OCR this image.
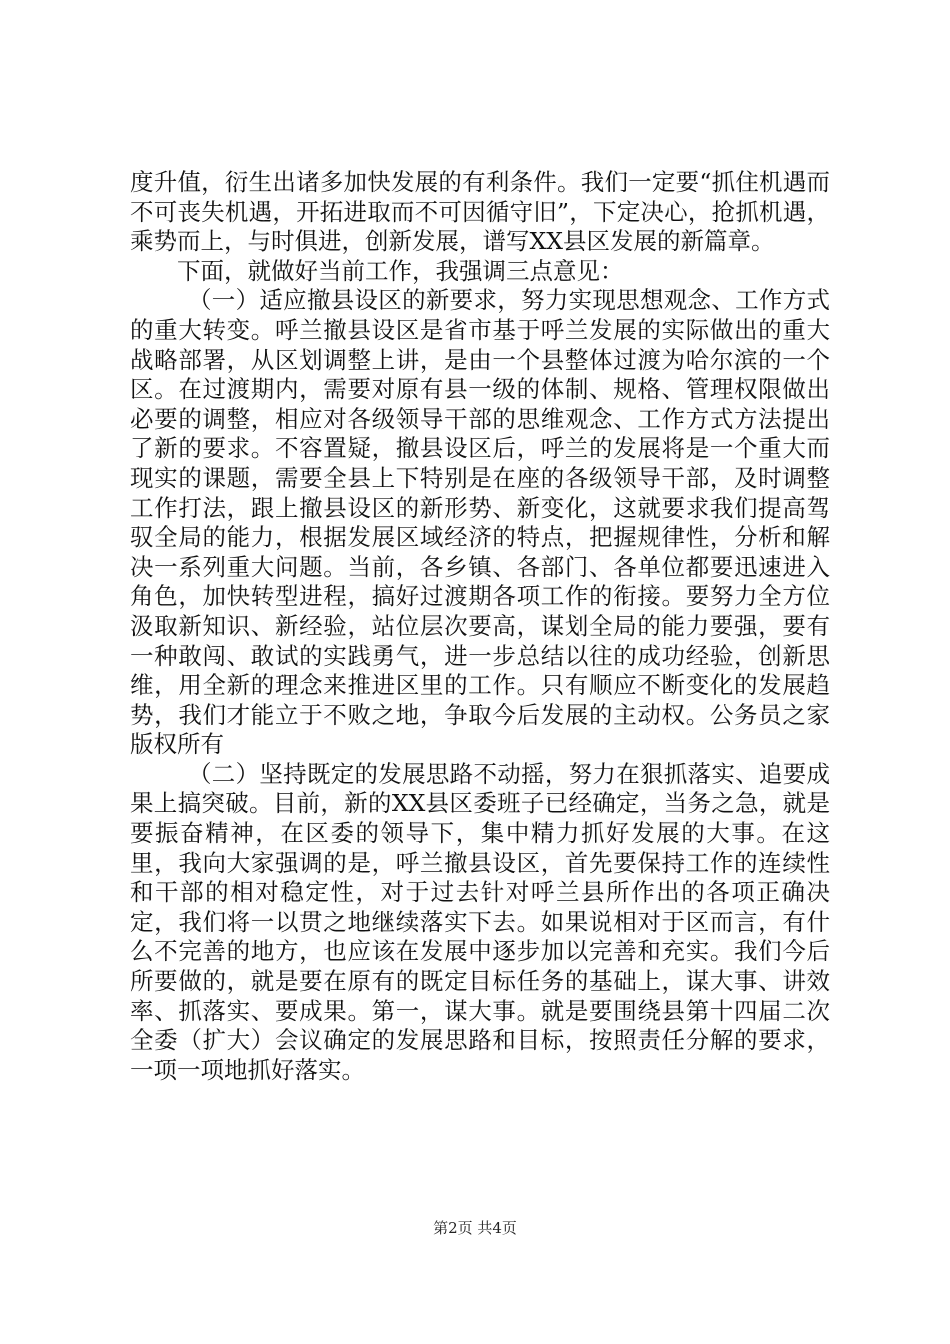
度升值，衍生出诸多加快发展的有利条件。我们一定要“抓住机遇而不可丧失机遇，开拓进取而不可因循守旧”，下定决心，抢抓机遇，乘势而上，与时俱进，创新发展，谱写XX县区发展的新篇章。

下面，就做好当前工作，我强调三点意见：

（一）适应撤县设区的新要求，努力实现思想观念、工作方式的重大转变。呼兰撤县设区是省市基于呼兰发展的实际做出的重大战略部署，从区划调整上讲，是由一个县整体过渡为哈尔滨的一个区。在过渡期内，需要对原有县一级的体制、规格、管理权限做出必要的调整，相应对各级领导干部的思维观念、工作方式方法提出了新的要求。不容置疑，撤县设区后，呼兰的发展将是一个重大而现实的课题，需要全县上下特别是在座的各级领导干部，及时调整工作打法，跟上撤县设区的新形势、新变化，这就要求我们提高驾驭全局的能力，根据发展区域经济的特点，把握规律性，分析和解决一系列重大问题。当前，各乡镇、各部门、各单位都要迅速进入角色，加快转型进程，搞好过渡期各项工作的衔接。要努力全方位汲取新知识、新经验，站位层次要高，谋划全局的能力要强，要有一种敢闯、敢试的实践勇气，进一步总结以往的成功经验，创新思维，用全新的理念来推进区里的工作。只有顺应不断变化的发展趋势，我们才能立于不败之地，争取今后发展的主动权。公务员之家版权所有

（二）坚持既定的发展思路不动摇，努力在狠抓落实、追要成果上搞突破。目前，新的XX县区委班子已经确定，当务之急，就是要振奋精神，在区委的领导下，集中精力抓好发展的大事。在这里，我向大家强调的是，呼兰撤县设区，首先要保持工作的连续性和干部的相对稳定性，对于过去针对呼兰县所作出的各项正确决定，我们将一以贯之地继续落实下去。如果说相对于区而言，有什么不完善的地方，也应该在发展中逐步加以完善和充实。我们今后所要做的，就是要在原有的既定目标任务的基础上，谋大事、讲效率、抓落实、要成果。第一，谋大事。就是要围绕县第十四届二次全委（扩大）会议确定的发展思路和目标，按照责任分解的要求，一项一项地抓好落实。

第2页 共4页
